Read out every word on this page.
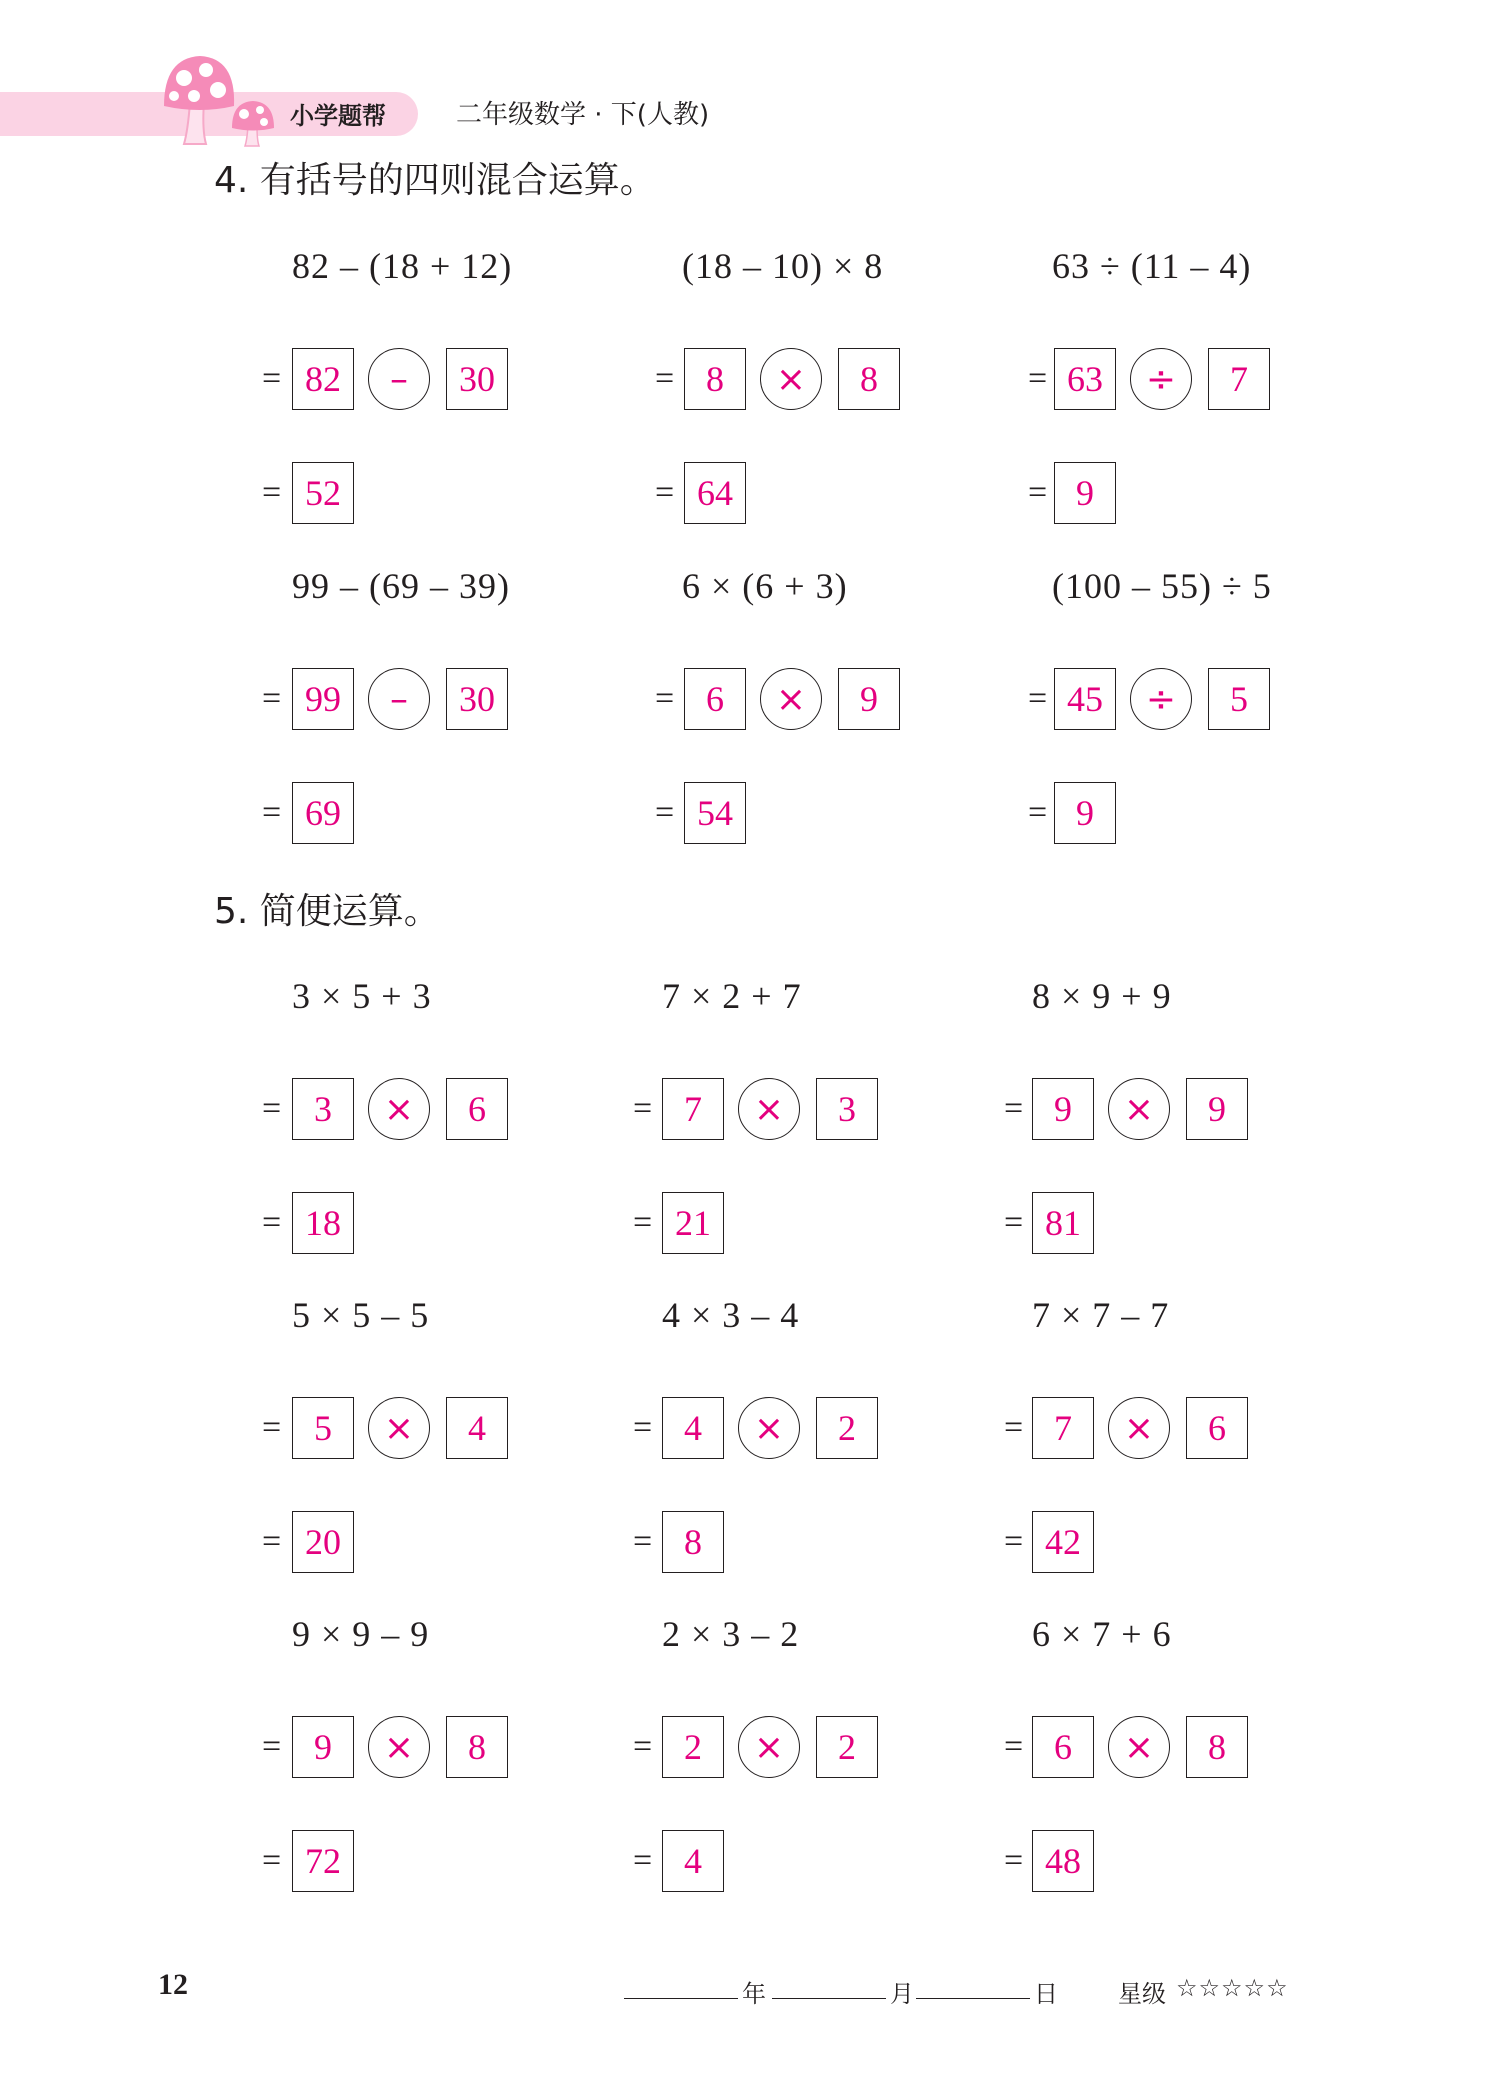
小学题帮	二年级数学 · 下(人教)
4. 有括号的四则混合运算。
82 – (18 + 12)
= 82	–	30
= 52
(18 – 10) × 8
= 8	×	8
= 64
63 ÷ (11 – 4)
= 63	÷	7
= 9
99 – (69 – 39)
= 99	–	30
= 69
6 × (6 + 3)
= 6	×	9
= 54
(100 – 55) ÷ 5
= 45	÷	5
= 9
5. 简便运算。
3 × 5 + 3
= 3	×	6
= 18
7 × 2 + 7
= 7	×	3
= 21
8 × 9 + 9
= 9	×	9
= 81
5 × 5 – 5
= 5	×	4
= 20
4 × 3 – 4
= 4	×	2
= 8
7 × 7 – 7
= 7	×	6
= 42
9 × 9 – 9
= 9	×	8
= 72
2 × 3 – 2
= 2	×	2
= 4
6 × 7 + 6
= 6	×	8
= 48
12	年	月	日	星级 ☆☆☆☆☆
